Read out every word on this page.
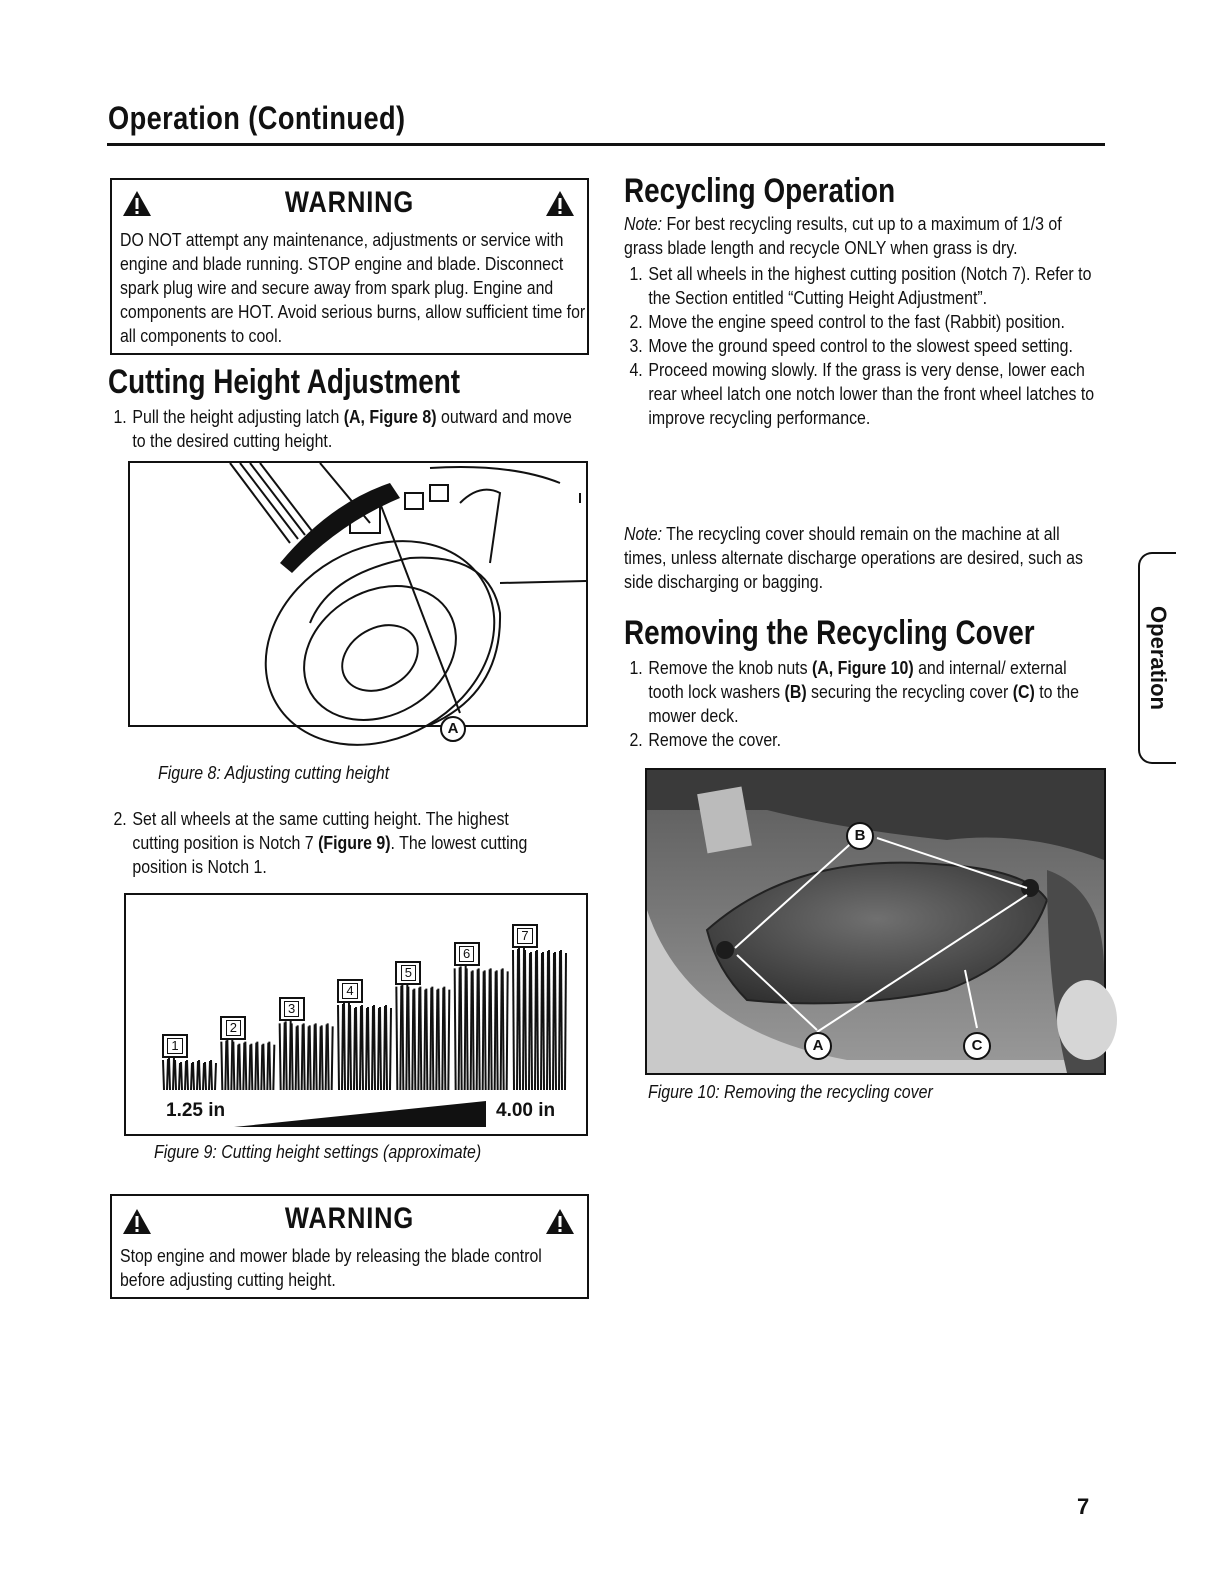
Operation (Continued)
WARNING
DO NOT attempt any maintenance, adjustments or service with engine and blade running. STOP engine and blade. Disconnect spark plug wire and secure away from spark plug. Engine and components are HOT. Avoid serious burns, allow sufficient time for all components to cool.
Cutting Height Adjustment
1. Pull the height adjusting latch (A, Figure 8) outward and move to the desired cutting height.
A
Figure 8: Adjusting cutting height
2. Set all wheels at the same cutting height. The highest cutting position is Notch 7 (Figure 9). The lowest cutting position is Notch 1.
1.25 in	4.00 in
1
2
3
4
5
6
7
Figure 9: Cutting height settings (approximate)
WARNING
Stop engine and mower blade by releasing the blade control before adjusting cutting height.
Recycling Operation
Note: For best recycling results, cut up to a maximum of 1/3 of grass blade length and recycle ONLY when grass is dry.
1. Set all wheels in the highest cutting position (Notch 7). Refer to the Section entitled “Cutting Height Adjustment”.
2. Move the engine speed control to the fast (Rabbit) position.
3. Move the ground speed control to the slowest speed setting.
4. Proceed mowing slowly. If the grass is very dense, lower each rear wheel latch one notch lower than the front wheel latches to improve recycling performance.
Note: The recycling cover should remain on the machine at all times, unless alternate discharge operations are desired, such as side discharging or bagging.
Removing the Recycling Cover
1. Remove the knob nuts (A, Figure 10) and internal/ external tooth lock washers (B) securing the recycling cover (C) to the mower deck.
2. Remove the cover.
B
A	C
Figure 10: Removing the recycling cover
Operation
7
